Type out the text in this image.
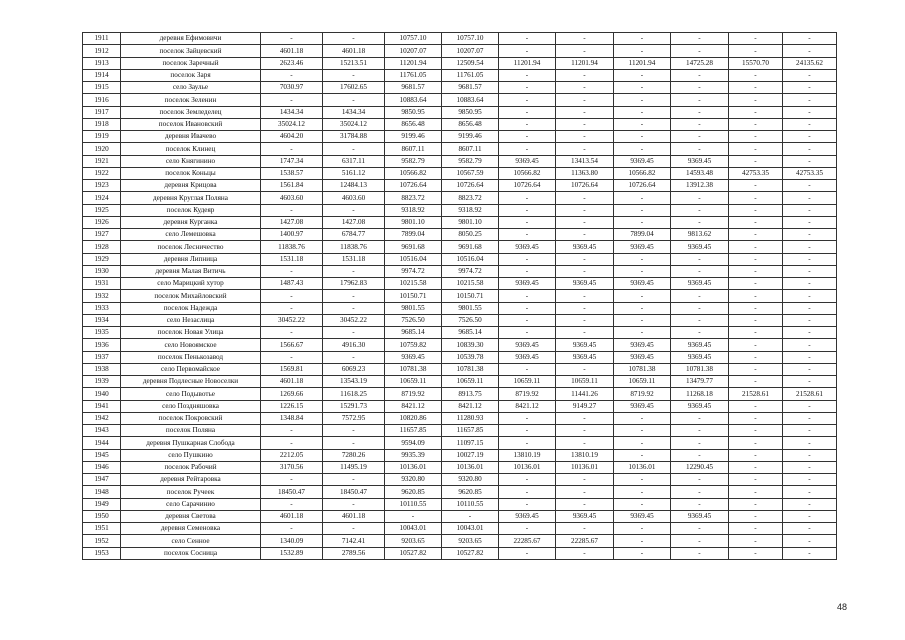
1911	деревня Ефимовичи	-	-	10757.10	10757.10	-	-	-	-	-	-
1912	поселок Зайцевский	4601.18	4601.18	10207.07	10207.07	-	-	-	-	-	-
1913	поселок Заречный	2623.46	15213.51	11201.94	12509.54	11201.94	11201.94	11201.94	14725.28	15570.70	24135.62
1914	поселок Заря	-	-	11761.05	11761.05	-	-	-	-	-	-
1915	село Заулье	7030.97	17602.65	9681.57	9681.57	-	-	-	-	-	-
1916	поселок Зеленин	-	-	10883.64	10883.64	-	-	-	-	-	-
1917	поселок Земледелец	1434.34	1434.34	9850.95	9850.95	-	-	-	-	-	-
1918	поселок Ивановский	35024.12	35024.12	8656.48	8656.48	-	-	-	-	-	-
1919	деревня Ивачево	4604.20	31784.88	9199.46	9199.46	-	-	-	-	-	-
1920	поселок Клинец	-	-	8607.11	8607.11	-	-	-	-	-	-
1921	село Княгинино	1747.34	6317.11	9582.79	9582.79	9369.45	13413.54	9369.45	9369.45	-	-
1922	поселок Коньцы	1538.57	5161.12	10566.82	10567.59	10566.82	11363.80	10566.82	14593.48	42753.35	42753.35
1923	деревня Крицова	1561.84	12484.13	10726.64	10726.64	10726.64	10726.64	10726.64	13912.38	-	-
1924	деревня Круглая Поляна	4603.60	4603.60	8823.72	8823.72	-	-	-	-	-	-
1925	поселок Кудеяр	-	-	9318.92	9318.92	-	-	-	-	-	-
1926	деревня Курганка	1427.08	1427.08	9801.10	9801.10	-	-	-	-	-	-
1927	село Лемешовка	1400.97	6784.77	7899.04	8050.25	-	-	7899.04	9813.62	-	-
1928	поселок Лесничество	11838.76	11838.76	9691.68	9691.68	9369.45	9369.45	9369.45	9369.45	-	-
1929	деревня Липница	1531.18	1531.18	10516.04	10516.04	-	-	-	-	-	-
1930	деревня Малая Витичь	-	-	9974.72	9974.72	-	-	-	-	-	-
1931	село Марицкий хутор	1487.43	17962.83	10215.58	10215.58	9369.45	9369.45	9369.45	9369.45	-	-
1932	поселок Михайловский	-	-	10150.71	10150.71	-	-	-	-	-	-
1933	поселок Надежда	-	-	9801.55	9801.55	-	-	-	-	-	-
1934	село Незаслица	30452.22	30452.22	7526.50	7526.50	-	-	-	-	-	-
1935	поселок Новая Улица	-	-	9685.14	9685.14	-	-	-	-	-	-
1936	село Новоямское	1566.67	4916.30	10759.82	10839.30	9369.45	9369.45	9369.45	9369.45	-	-
1937	поселок Пенькозавод	-	-	9369.45	10539.78	9369.45	9369.45	9369.45	9369.45	-	-
1938	село Первомайское	1569.81	6069.23	10781.38	10781.38	-	-	10781.38	10781.38	-	-
1939	деревня Подлесные Новоселки	4601.18	13543.19	10659.11	10659.11	10659.11	10659.11	10659.11	13479.77	-	-
1940	село Подывотье	1269.66	11618.25	8719.92	8913.75	8719.92	11441.26	8719.92	11268.18	21528.61	21528.61
1941	село Поздняшовка	1226.15	15291.73	8421.12	8421.12	8421.12	9149.27	9369.45	9369.45	-	-
1942	поселок Покровский	1348.84	7572.95	10820.86	11280.93	-	-	-	-	-	-
1943	поселок Поляна	-	-	11657.85	11657.85	-	-	-	-	-	-
1944	деревня Пушкарная Слобода	-	-	9594.09	11097.15	-	-	-	-	-	-
1945	село Пушкино	2212.05	7280.26	9935.39	10027.19	13810.19	13810.19	-	-	-	-
1946	поселок Рабочий	3170.56	11495.19	10136.01	10136.01	10136.01	10136.01	10136.01	12290.45	-	-
1947	деревня Рейтаровка	-	-	9320.80	9320.80	-	-	-	-	-	-
1948	поселок Ручеек	18450.47	18450.47	9620.85	9620.85	-	-	-	-	-	-
1949	село Сарачинио	-	-	10110.55	10110.55	-	-	-	-	-	-
1950	деревня Светова	4601.18	4601.18	-	-	9369.45	9369.45	9369.45	9369.45	-	-
1951	деревня Семеновка	-	-	10043.01	10043.01	-	-	-	-	-	-
1952	село Сенное	1340.09	7142.41	9203.65	9203.65	22285.67	22285.67	-	-	-	-
1953	поселок Сосница	1532.89	2789.56	10527.82	10527.82	-	-	-	-	-	-
48
